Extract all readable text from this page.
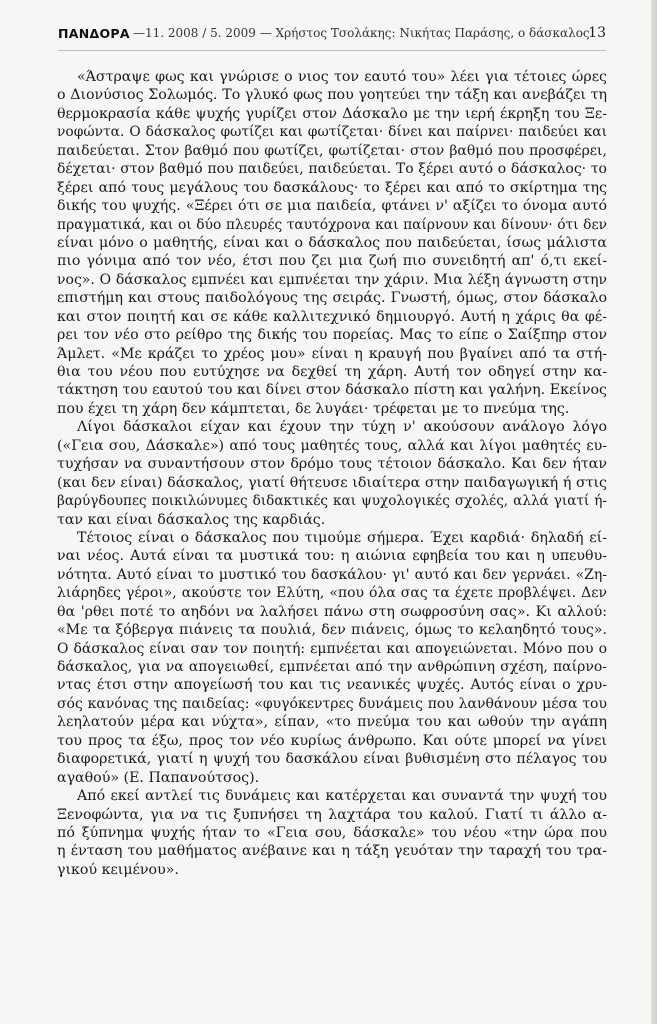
ΠΑΝΔΟΡΑ —11. 2008 / 5. 2009 — Χρήστος Τσολάκης: Νικήτας Παράσης, ο δάσκαλος
13
«Άστραψε φως και γνώρισε ο νιος τον εαυτό του» λέει για τέτοιες ώρες
ο Διονύσιος Σολωμός. Το γλυκό φως που γοητεύει την τάξη και ανεβάζει τη
θερμοκρασία κάθε ψυχής γυρίζει στον Δάσκαλο με την ιερή έκρηξη του Ξε-
νοφώντα. Ο δάσκαλος φωτίζει και φωτίζεται· δίνει και παίρνει· παιδεύει και
παιδεύεται. Στον βαθμό που φωτίζει, φωτίζεται· στον βαθμό που προσφέρει,
δέχεται· στον βαθμό που παιδεύει, παιδεύεται. Το ξέρει αυτό ο δάσκαλος· το
ξέρει από τους μεγάλους του δασκάλους· το ξέρει και από το σκίρτημα της
δικής του ψυχής. «Ξέρει ότι σε μια παιδεία, φτάνει ν' αξίζει το όνομα αυτό
πραγματικά, και οι δύο πλευρές ταυτόχρονα και παίρνουν και δίνουν· ότι δεν
είναι μόνο ο μαθητής, είναι και ο δάσκαλος που παιδεύεται, ίσως μάλιστα
πιο γόνιμα από τον νέο, έτσι που ζει μια ζωή πιο συνειδητή απ' ό,τι εκεί-
νος». Ο δάσκαλος εμπνέει και εμπνέεται την χάριν. Μια λέξη άγνωστη στην
επιστήμη και στους παιδολόγους της σειράς. Γνωστή, όμως, στον δάσκαλο
και στον ποιητή και σε κάθε καλλιτεχνικό δημιουργό. Αυτή η χάρις θα φέ-
ρει τον νέο στο ρείθρο της δικής του πορείας. Μας το είπε ο Σαίξπηρ στον
Άμλετ. «Με κράζει το χρέος μου» είναι η κραυγή που βγαίνει από τα στή-
θια του νέου που ευτύχησε να δεχθεί τη χάρη. Αυτή τον οδηγεί στην κα-
τάκτηση του εαυτού του και δίνει στον δάσκαλο πίστη και γαλήνη. Εκείνος
που έχει τη χάρη δεν κάμπτεται, δε λυγάει· τρέφεται με το πνεύμα της.
Λίγοι δάσκαλοι είχαν και έχουν την τύχη ν' ακούσουν ανάλογο λόγο
(«Γεια σου, Δάσκαλε») από τους μαθητές τους, αλλά και λίγοι μαθητές ευ-
τυχήσαν να συναντήσουν στον δρόμο τους τέτοιον δάσκαλο. Και δεν ήταν
(και δεν είναι) δάσκαλος, γιατί θήτευσε ιδιαίτερα στην παιδαγωγική ή στις
βαρύγδουπες ποικιλώνυμες διδακτικές και ψυχολογικές σχολές, αλλά γιατί ή-
ταν και είναι δάσκαλος της καρδιάς.
Τέτοιος είναι ο δάσκαλος που τιμούμε σήμερα. Έχει καρδιά· δηλαδή εί-
ναι νέος. Αυτά είναι τα μυστικά του: η αιώνια εφηβεία του και η υπευθυ-
νότητα. Αυτό είναι το μυστικό του δασκάλου· γι' αυτό και δεν γερνάει. «Ζη-
λιάρηδες γέροι», ακούστε τον Ελύτη, «που όλα σας τα έχετε προβλέψει. Δεν
θα 'ρθει ποτέ το αηδόνι να λαλήσει πάνω στη σωφροσύνη σας». Κι αλλού:
«Με τα ξόβεργα πιάνεις τα πουλιά, δεν πιάνεις, όμως το κελαηδητό τους».
Ο δάσκαλος είναι σαν τον ποιητή: εμπνέεται και απογειώνεται. Μόνο που ο
δάσκαλος, για να απογειωθεί, εμπνέεται από την ανθρώπινη σχέση, παίρνο-
ντας έτσι στην απογείωσή του και τις νεανικές ψυχές. Αυτός είναι ο χρυ-
σός κανόνας της παιδείας: «φυγόκεντρες δυνάμεις που λανθάνουν μέσα του
λεηλατούν μέρα και νύχτα», είπαν, «το πνεύμα του και ωθούν την αγάπη
του προς τα έξω, προς τον νέο κυρίως άνθρωπο. Και ούτε μπορεί να γίνει
διαφορετικά, γιατί η ψυχή του δασκάλου είναι βυθισμένη στο πέλαγος του
αγαθού» (Ε. Παπανούτσος).
Από εκεί αντλεί τις δυνάμεις και κατέρχεται και συναντά την ψυχή του
Ξενοφώντα, για να τις ξυπνήσει τη λαχτάρα του καλού. Γιατί τι άλλο α-
πό ξύπνημα ψυχής ήταν το «Γεια σου, δάσκαλε» του νέου «την ώρα που
η ένταση του μαθήματος ανέβαινε και η τάξη γευόταν την ταραχή του τρα-
γικού κειμένου».
